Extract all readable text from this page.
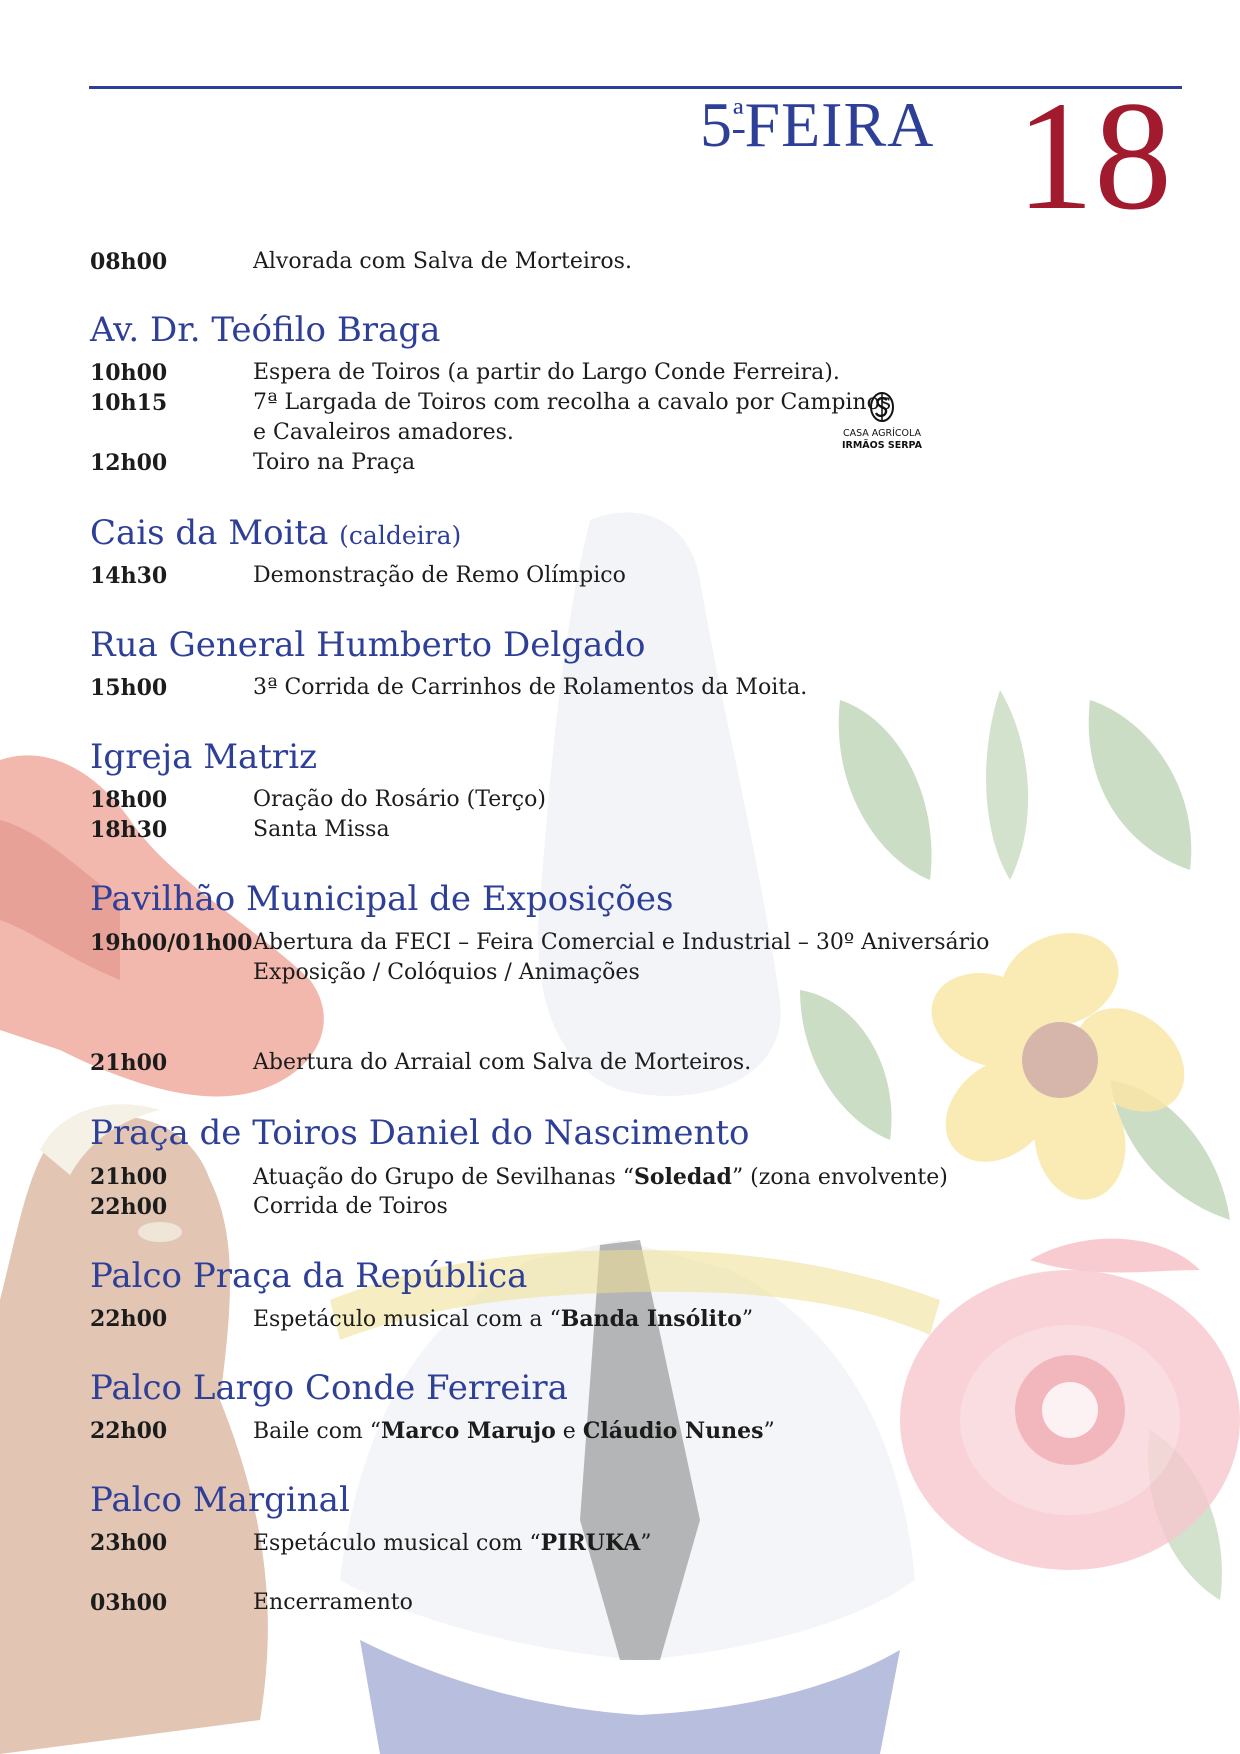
$5^ªFEIRA$ 18
08h00	Alvorada com Salva de Morteiros.
Av. Dr. Teófilo Braga
10h00	Espera de Toiros (a partir do Largo Conde Ferreira).
10h15	7ª Largada de Toiros com recolha a cavalo por Campinos
e Cavaleiros amadores.
12h00	Toiro na Praça
CASA AGRÍCOLA
IRMÃOS SERPA
Cais da Moita (caldeira)
14h30	Demonstração de Remo Olímpico
Rua General Humberto Delgado
15h00	3ª Corrida de Carrinhos de Rolamentos da Moita.
Igreja Matriz
18h00	Oração do Rosário (Terço)
18h30	Santa Missa
Pavilhão Municipal de Exposições
19h00/01h00 Abertura da FECI – Feira Comercial e Industrial – 30º Aniversário
Exposição / Colóquios / Animações
21h00	Abertura do Arraial com Salva de Morteiros.
Praça de Toiros Daniel do Nascimento
21h00	Atuação do Grupo de Sevilhanas “Soledad” (zona envolvente)
22h00	Corrida de Toiros
Palco Praça da República
22h00	Espetáculo musical com a “Banda Insólito”
Palco Largo Conde Ferreira
22h00	Baile com “Marco Marujo e Cláudio Nunes”
Palco Marginal
23h00	Espetáculo musical com “PIRUKA”
03h00	Encerramento
